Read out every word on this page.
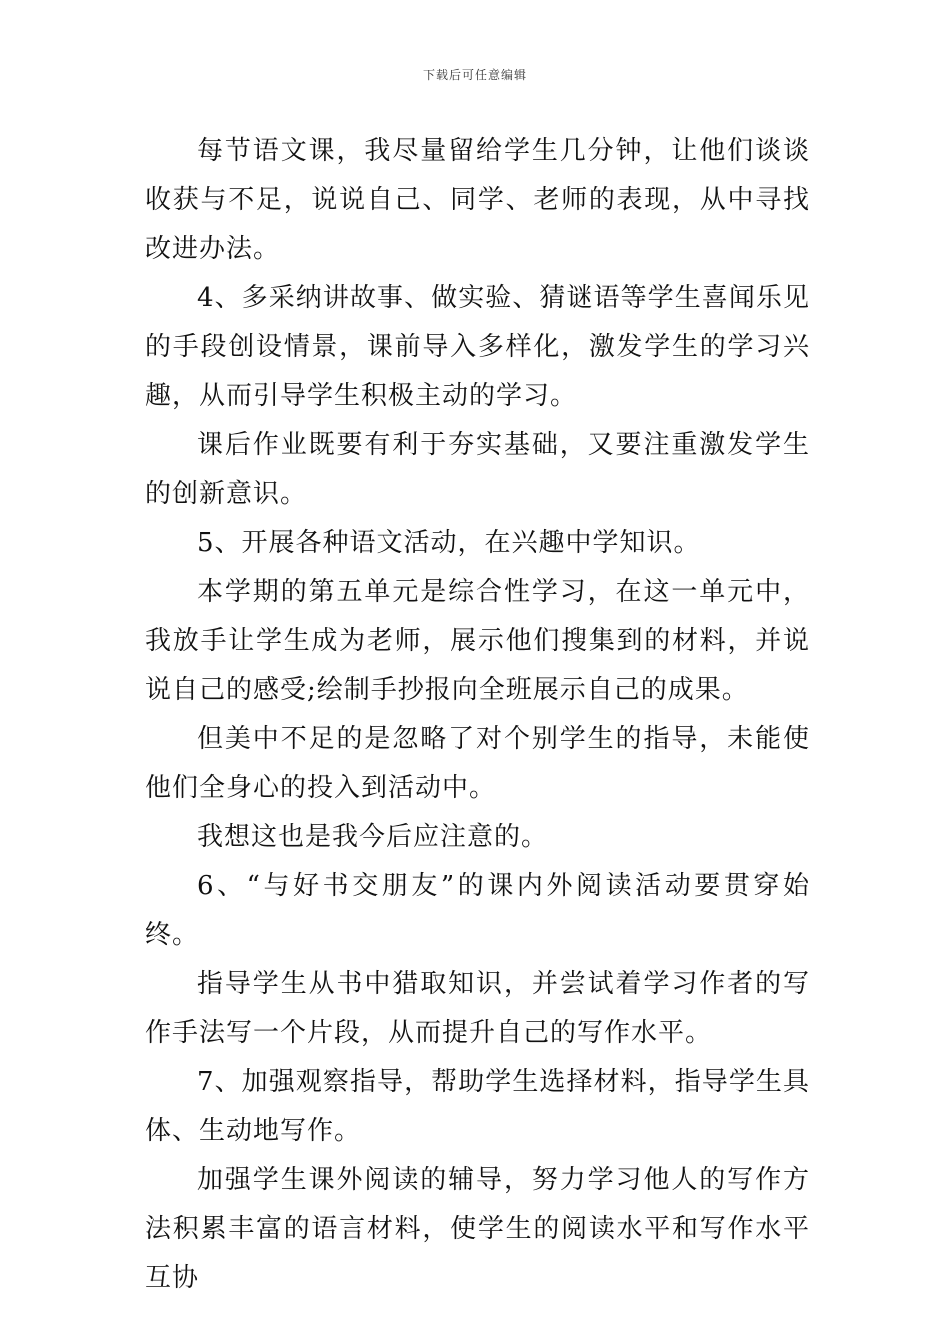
下载后可任意编辑

每节语文课，我尽量留给学生几分钟，让他们谈谈收获与不足，说说自己、同学、老师的表现，从中寻找改进办法。

4、多采纳讲故事、做实验、猜谜语等学生喜闻乐见的手段创设情景，课前导入多样化，激发学生的学习兴趣，从而引导学生积极主动的学习。

课后作业既要有利于夯实基础，又要注重激发学生的创新意识。

5、开展各种语文活动，在兴趣中学知识。

本学期的第五单元是综合性学习，在这一单元中，我放手让学生成为老师，展示他们搜集到的材料，并说说自己的感受;绘制手抄报向全班展示自己的成果。

但美中不足的是忽略了对个别学生的指导，未能使他们全身心的投入到活动中。

我想这也是我今后应注意的。

6、“与好书交朋友”的课内外阅读活动要贯穿始终。

指导学生从书中猎取知识，并尝试着学习作者的写作手法写一个片段，从而提升自己的写作水平。

7、加强观察指导，帮助学生选择材料，指导学生具体、生动地写作。

加强学生课外阅读的辅导，努力学习他人的写作方法积累丰富的语言材料，使学生的阅读水平和写作水平互协
